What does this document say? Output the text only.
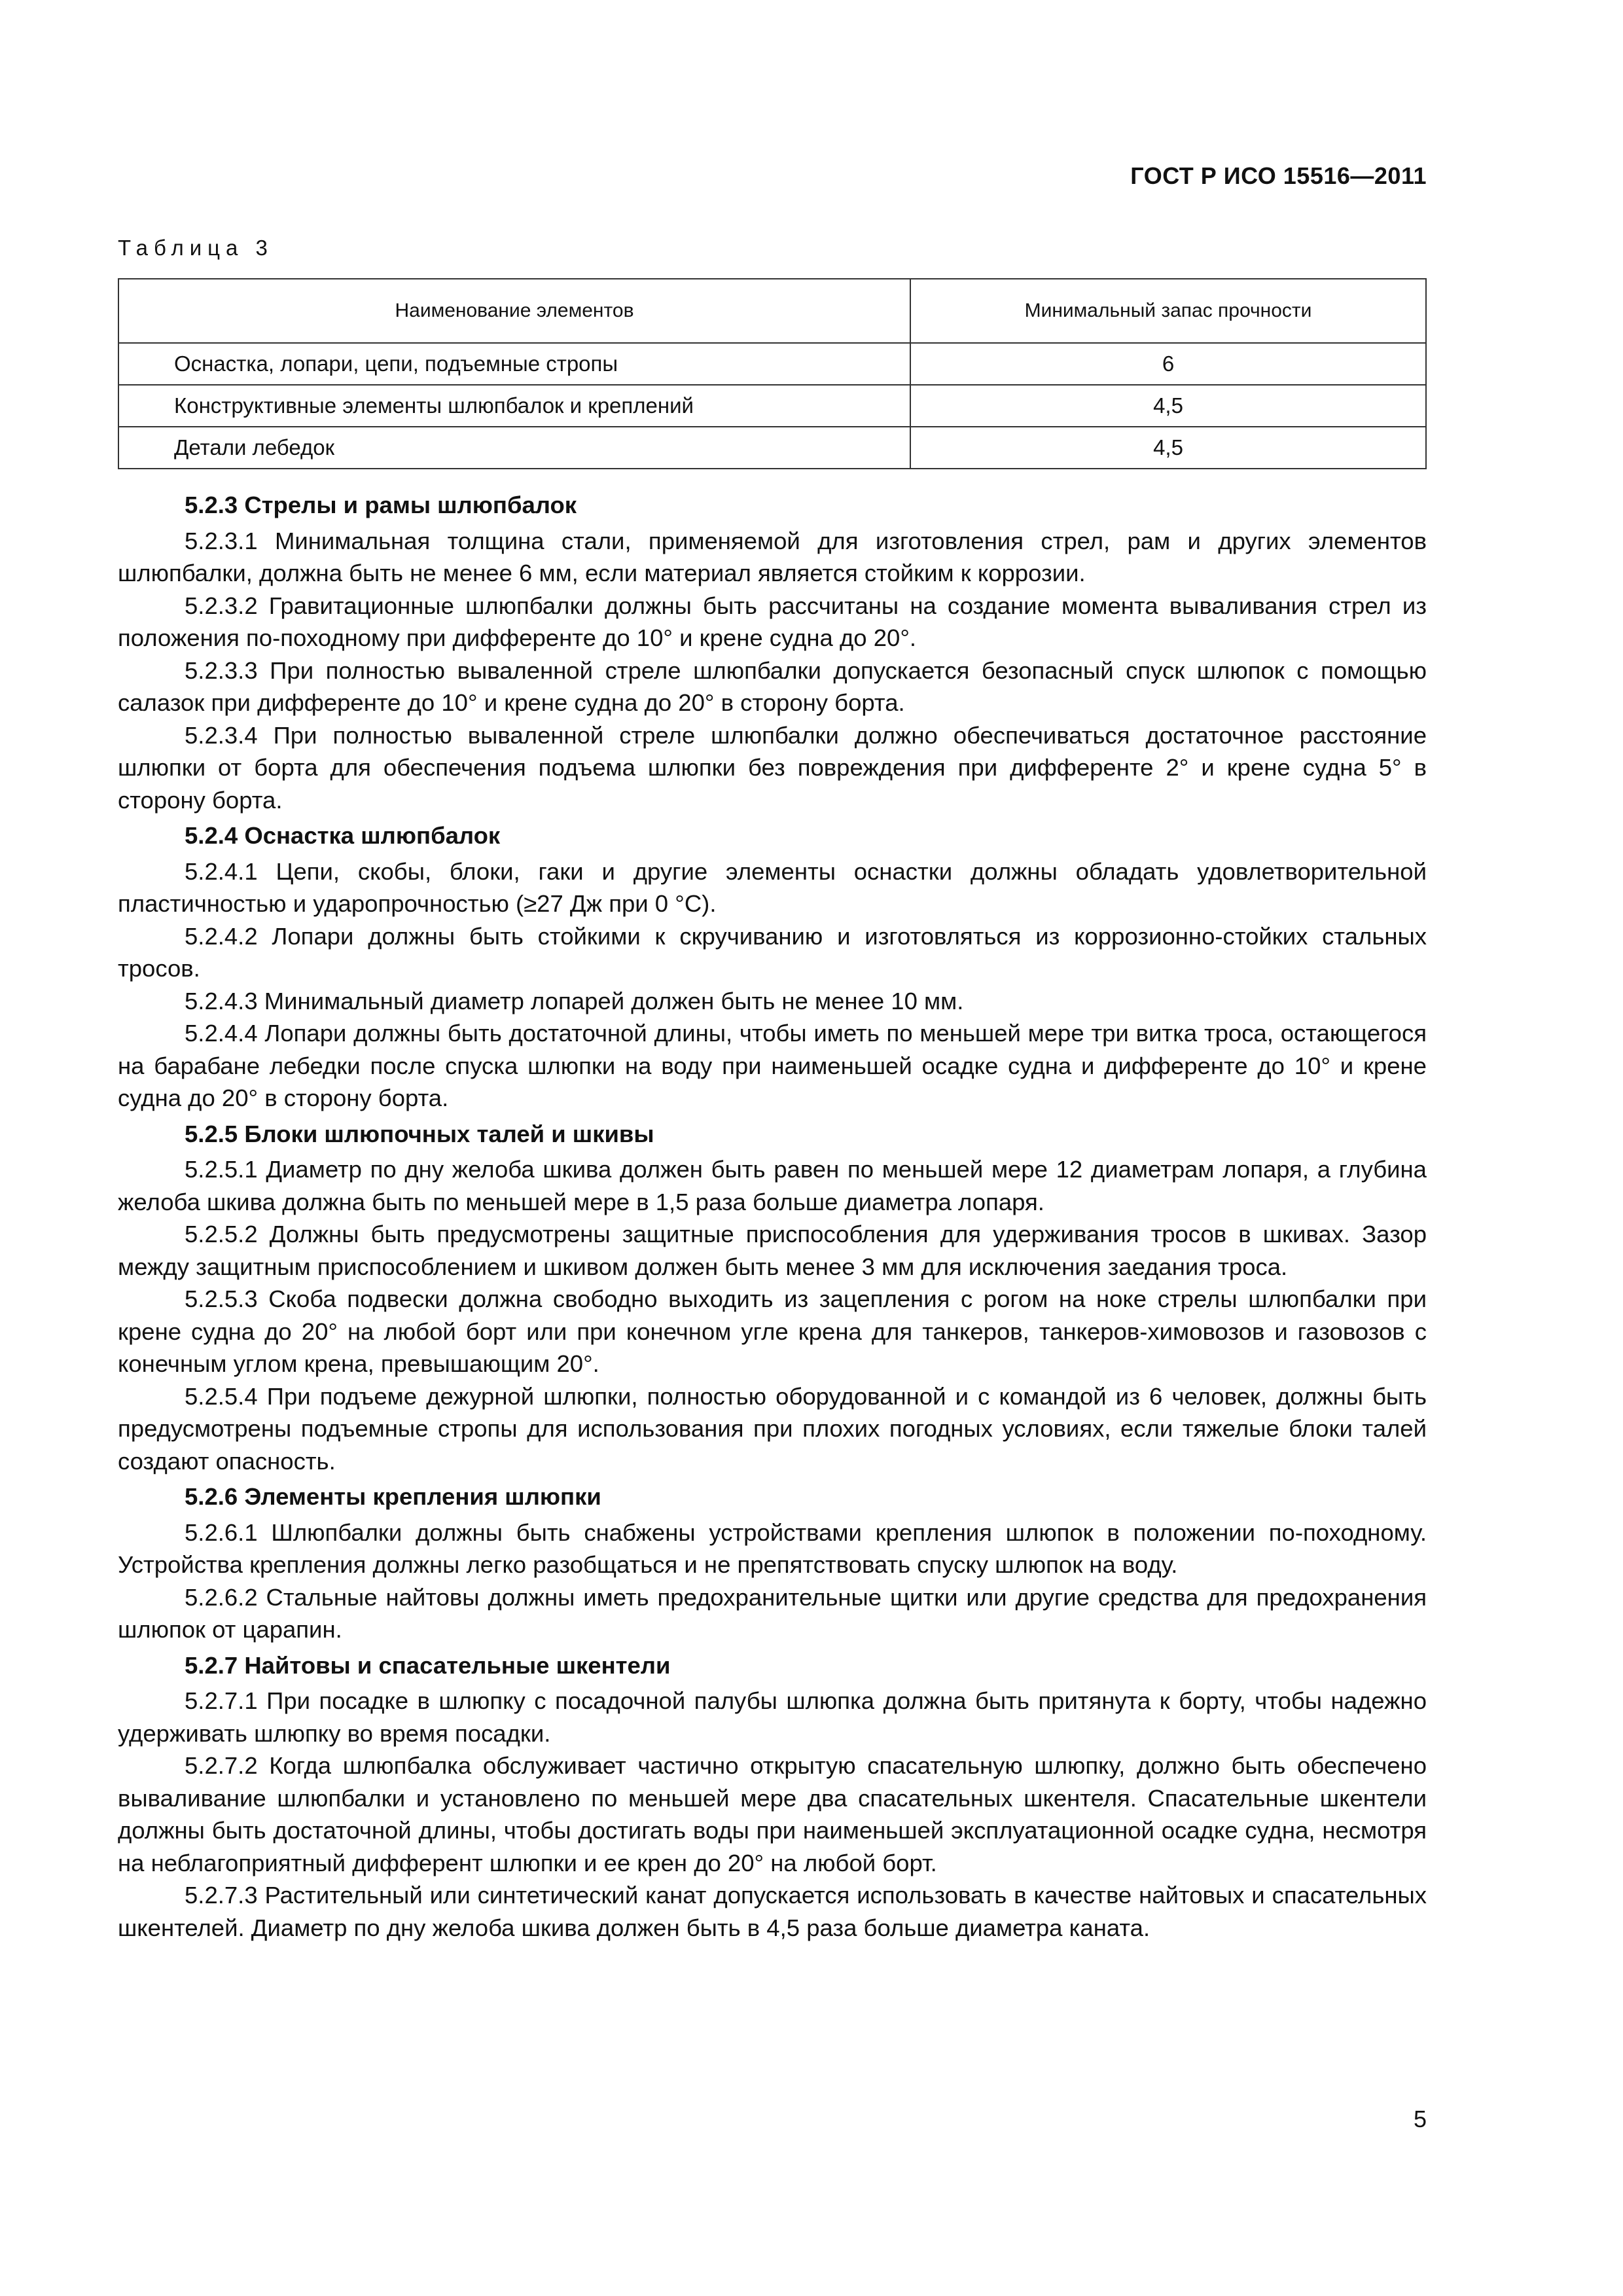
ГОСТ Р ИСО 15516—2011
Таблица 3
Наименование элементов	Минимальный запас прочности
Оснастка, лопари, цепи, подъемные стропы	6
Конструктивные элементы шлюпбалок и креплений	4,5
Детали лебедок	4,5
5.2.3 Стрелы и рамы шлюпбалок

5.2.3.1 Минимальная толщина стали, применяемой для изготовления стрел, рам и других элементов шлюпбалки, должна быть не менее 6 мм, если материал является стойким к коррозии.

5.2.3.2 Гравитационные шлюпбалки должны быть рассчитаны на создание момента вываливания стрел из положения по-походному при дифференте до 10° и крене судна до 20°.

5.2.3.3 При полностью вываленной стреле шлюпбалки допускается безопасный спуск шлюпок с помощью салазок при дифференте до 10° и крене судна до 20° в сторону борта.

5.2.3.4 При полностью вываленной стреле шлюпбалки должно обеспечиваться достаточное расстояние шлюпки от борта для обеспечения подъема шлюпки без повреждения при дифференте 2° и крене судна 5° в сторону борта.

5.2.4 Оснастка шлюпбалок

5.2.4.1 Цепи, скобы, блоки, гаки и другие элементы оснастки должны обладать удовлетворительной пластичностью и ударопрочностью (≥27 Дж при 0 °С).

5.2.4.2 Лопари должны быть стойкими к скручиванию и изготовляться из коррозионно-стойких стальных тросов.

5.2.4.3 Минимальный диаметр лопарей должен быть не менее 10 мм.

5.2.4.4 Лопари должны быть достаточной длины, чтобы иметь по меньшей мере три витка троса, остающегося на барабане лебедки после спуска шлюпки на воду при наименьшей осадке судна и дифференте до 10° и крене судна до 20° в сторону борта.

5.2.5 Блоки шлюпочных талей и шкивы

5.2.5.1 Диаметр по дну желоба шкива должен быть равен по меньшей мере 12 диаметрам лопаря, а глубина желоба шкива должна быть по меньшей мере в 1,5 раза больше диаметра лопаря.

5.2.5.2 Должны быть предусмотрены защитные приспособления для удерживания тросов в шкивах. Зазор между защитным приспособлением и шкивом должен быть менее 3 мм для исключения заедания троса.

5.2.5.3 Скоба подвески должна свободно выходить из зацепления с рогом на ноке стрелы шлюпбалки при крене судна до 20° на любой борт или при конечном угле крена для танкеров, танкеров-химовозов и газовозов с конечным углом крена, превышающим 20°.

5.2.5.4 При подъеме дежурной шлюпки, полностью оборудованной и с командой из 6 человек, должны быть предусмотрены подъемные стропы для использования при плохих погодных условиях, если тяжелые блоки талей создают опасность.

5.2.6 Элементы крепления шлюпки

5.2.6.1 Шлюпбалки должны быть снабжены устройствами крепления шлюпок в положении по-походному. Устройства крепления должны легко разобщаться и не препятствовать спуску шлюпок на воду.

5.2.6.2 Стальные найтовы должны иметь предохранительные щитки или другие средства для предохранения шлюпок от царапин.

5.2.7 Найтовы и спасательные шкентели

5.2.7.1 При посадке в шлюпку с посадочной палубы шлюпка должна быть притянута к борту, чтобы надежно удерживать шлюпку во время посадки.

5.2.7.2 Когда шлюпбалка обслуживает частично открытую спасательную шлюпку, должно быть обеспечено вываливание шлюпбалки и установлено по меньшей мере два спасательных шкентеля. Спасательные шкентели должны быть достаточной длины, чтобы достигать воды при наименьшей эксплуатационной осадке судна, несмотря на неблагоприятный дифферент шлюпки и ее крен до 20° на любой борт.

5.2.7.3 Растительный или синтетический канат допускается использовать в качестве найтовых и спасательных шкентелей. Диаметр по дну желоба шкива должен быть в 4,5 раза больше диаметра каната.

5
